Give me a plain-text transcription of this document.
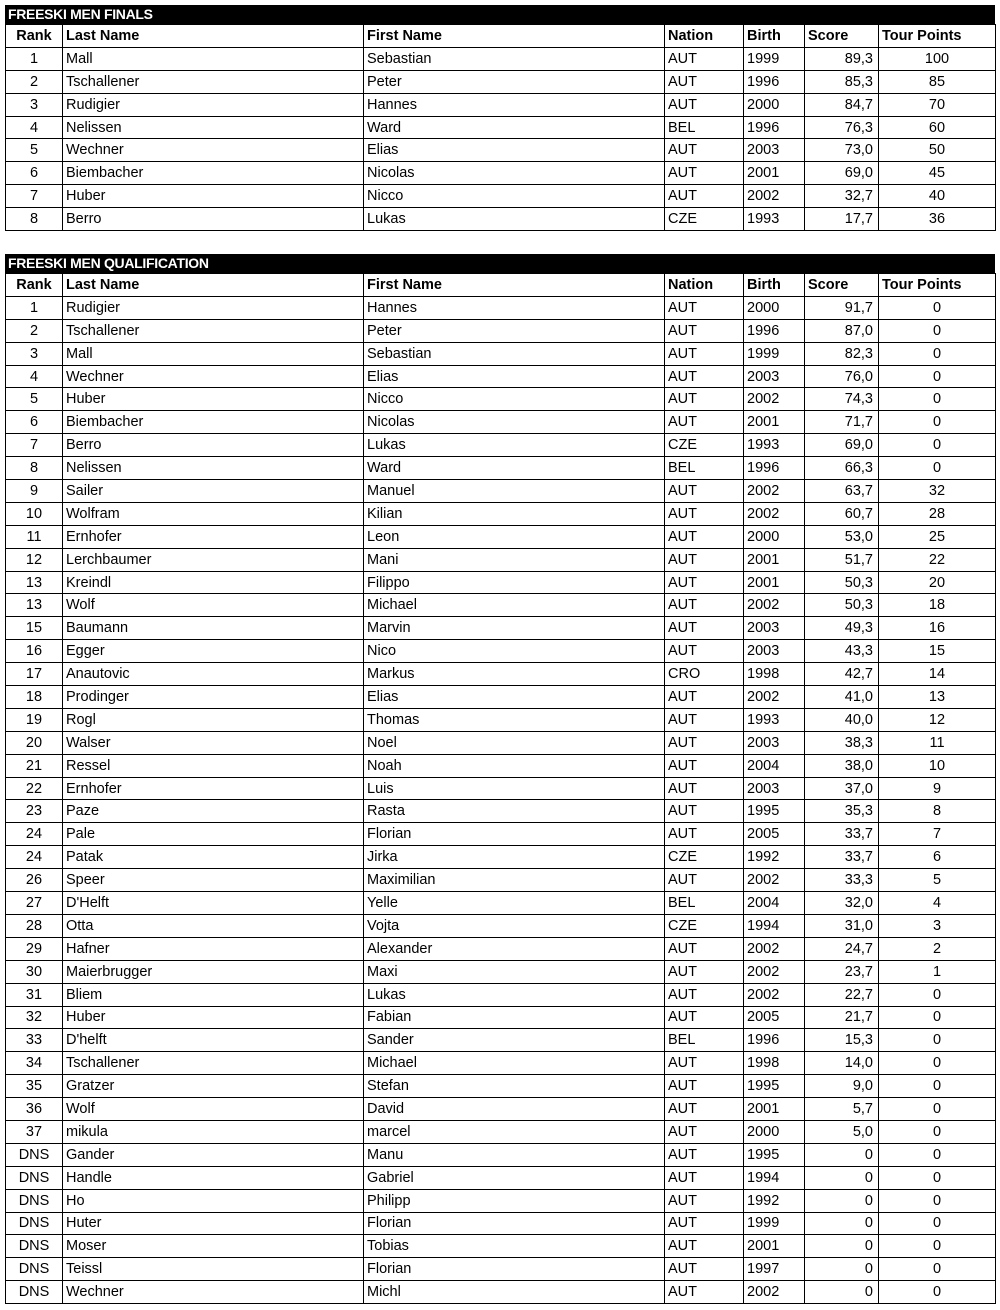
FREESKI MEN FINALS
Rank	Last Name	First Name	Nation	Birth	Score	Tour Points
1	Mall	Sebastian	AUT	1999	89,3	100
2	Tschallener	Peter	AUT	1996	85,3	85
3	Rudigier	Hannes	AUT	2000	84,7	70
4	Nelissen	Ward	BEL	1996	76,3	60
5	Wechner	Elias	AUT	2003	73,0	50
6	Biembacher	Nicolas	AUT	2001	69,0	45
7	Huber	Nicco	AUT	2002	32,7	40
8	Berro	Lukas	CZE	1993	17,7	36
FREESKI MEN QUALIFICATION
Rank	Last Name	First Name	Nation	Birth	Score	Tour Points
1	Rudigier	Hannes	AUT	2000	91,7	0
2	Tschallener	Peter	AUT	1996	87,0	0
3	Mall	Sebastian	AUT	1999	82,3	0
4	Wechner	Elias	AUT	2003	76,0	0
5	Huber	Nicco	AUT	2002	74,3	0
6	Biembacher	Nicolas	AUT	2001	71,7	0
7	Berro	Lukas	CZE	1993	69,0	0
8	Nelissen	Ward	BEL	1996	66,3	0
9	Sailer	Manuel	AUT	2002	63,7	32
10	Wolfram	Kilian	AUT	2002	60,7	28
11	Ernhofer	Leon	AUT	2000	53,0	25
12	Lerchbaumer	Mani	AUT	2001	51,7	22
13	Kreindl	Filippo	AUT	2001	50,3	20
13	Wolf	Michael	AUT	2002	50,3	18
15	Baumann	Marvin	AUT	2003	49,3	16
16	Egger	Nico	AUT	2003	43,3	15
17	Anautovic	Markus	CRO	1998	42,7	14
18	Prodinger	Elias	AUT	2002	41,0	13
19	Rogl	Thomas	AUT	1993	40,0	12
20	Walser	Noel	AUT	2003	38,3	11
21	Ressel	Noah	AUT	2004	38,0	10
22	Ernhofer	Luis	AUT	2003	37,0	9
23	Paze	Rasta	AUT	1995	35,3	8
24	Pale	Florian	AUT	2005	33,7	7
24	Patak	Jirka	CZE	1992	33,7	6
26	Speer	Maximilian	AUT	2002	33,3	5
27	D'Helft	Yelle	BEL	2004	32,0	4
28	Otta	Vojta	CZE	1994	31,0	3
29	Hafner	Alexander	AUT	2002	24,7	2
30	Maierbrugger	Maxi	AUT	2002	23,7	1
31	Bliem	Lukas	AUT	2002	22,7	0
32	Huber	Fabian	AUT	2005	21,7	0
33	D'helft	Sander	BEL	1996	15,3	0
34	Tschallener	Michael	AUT	1998	14,0	0
35	Gratzer	Stefan	AUT	1995	9,0	0
36	Wolf	David	AUT	2001	5,7	0
37	mikula	marcel	AUT	2000	5,0	0
DNS	Gander	Manu	AUT	1995	0	0
DNS	Handle	Gabriel	AUT	1994	0	0
DNS	Ho	Philipp	AUT	1992	0	0
DNS	Huter	Florian	AUT	1999	0	0
DNS	Moser	Tobias	AUT	2001	0	0
DNS	Teissl	Florian	AUT	1997	0	0
DNS	Wechner	Michl	AUT	2002	0	0
